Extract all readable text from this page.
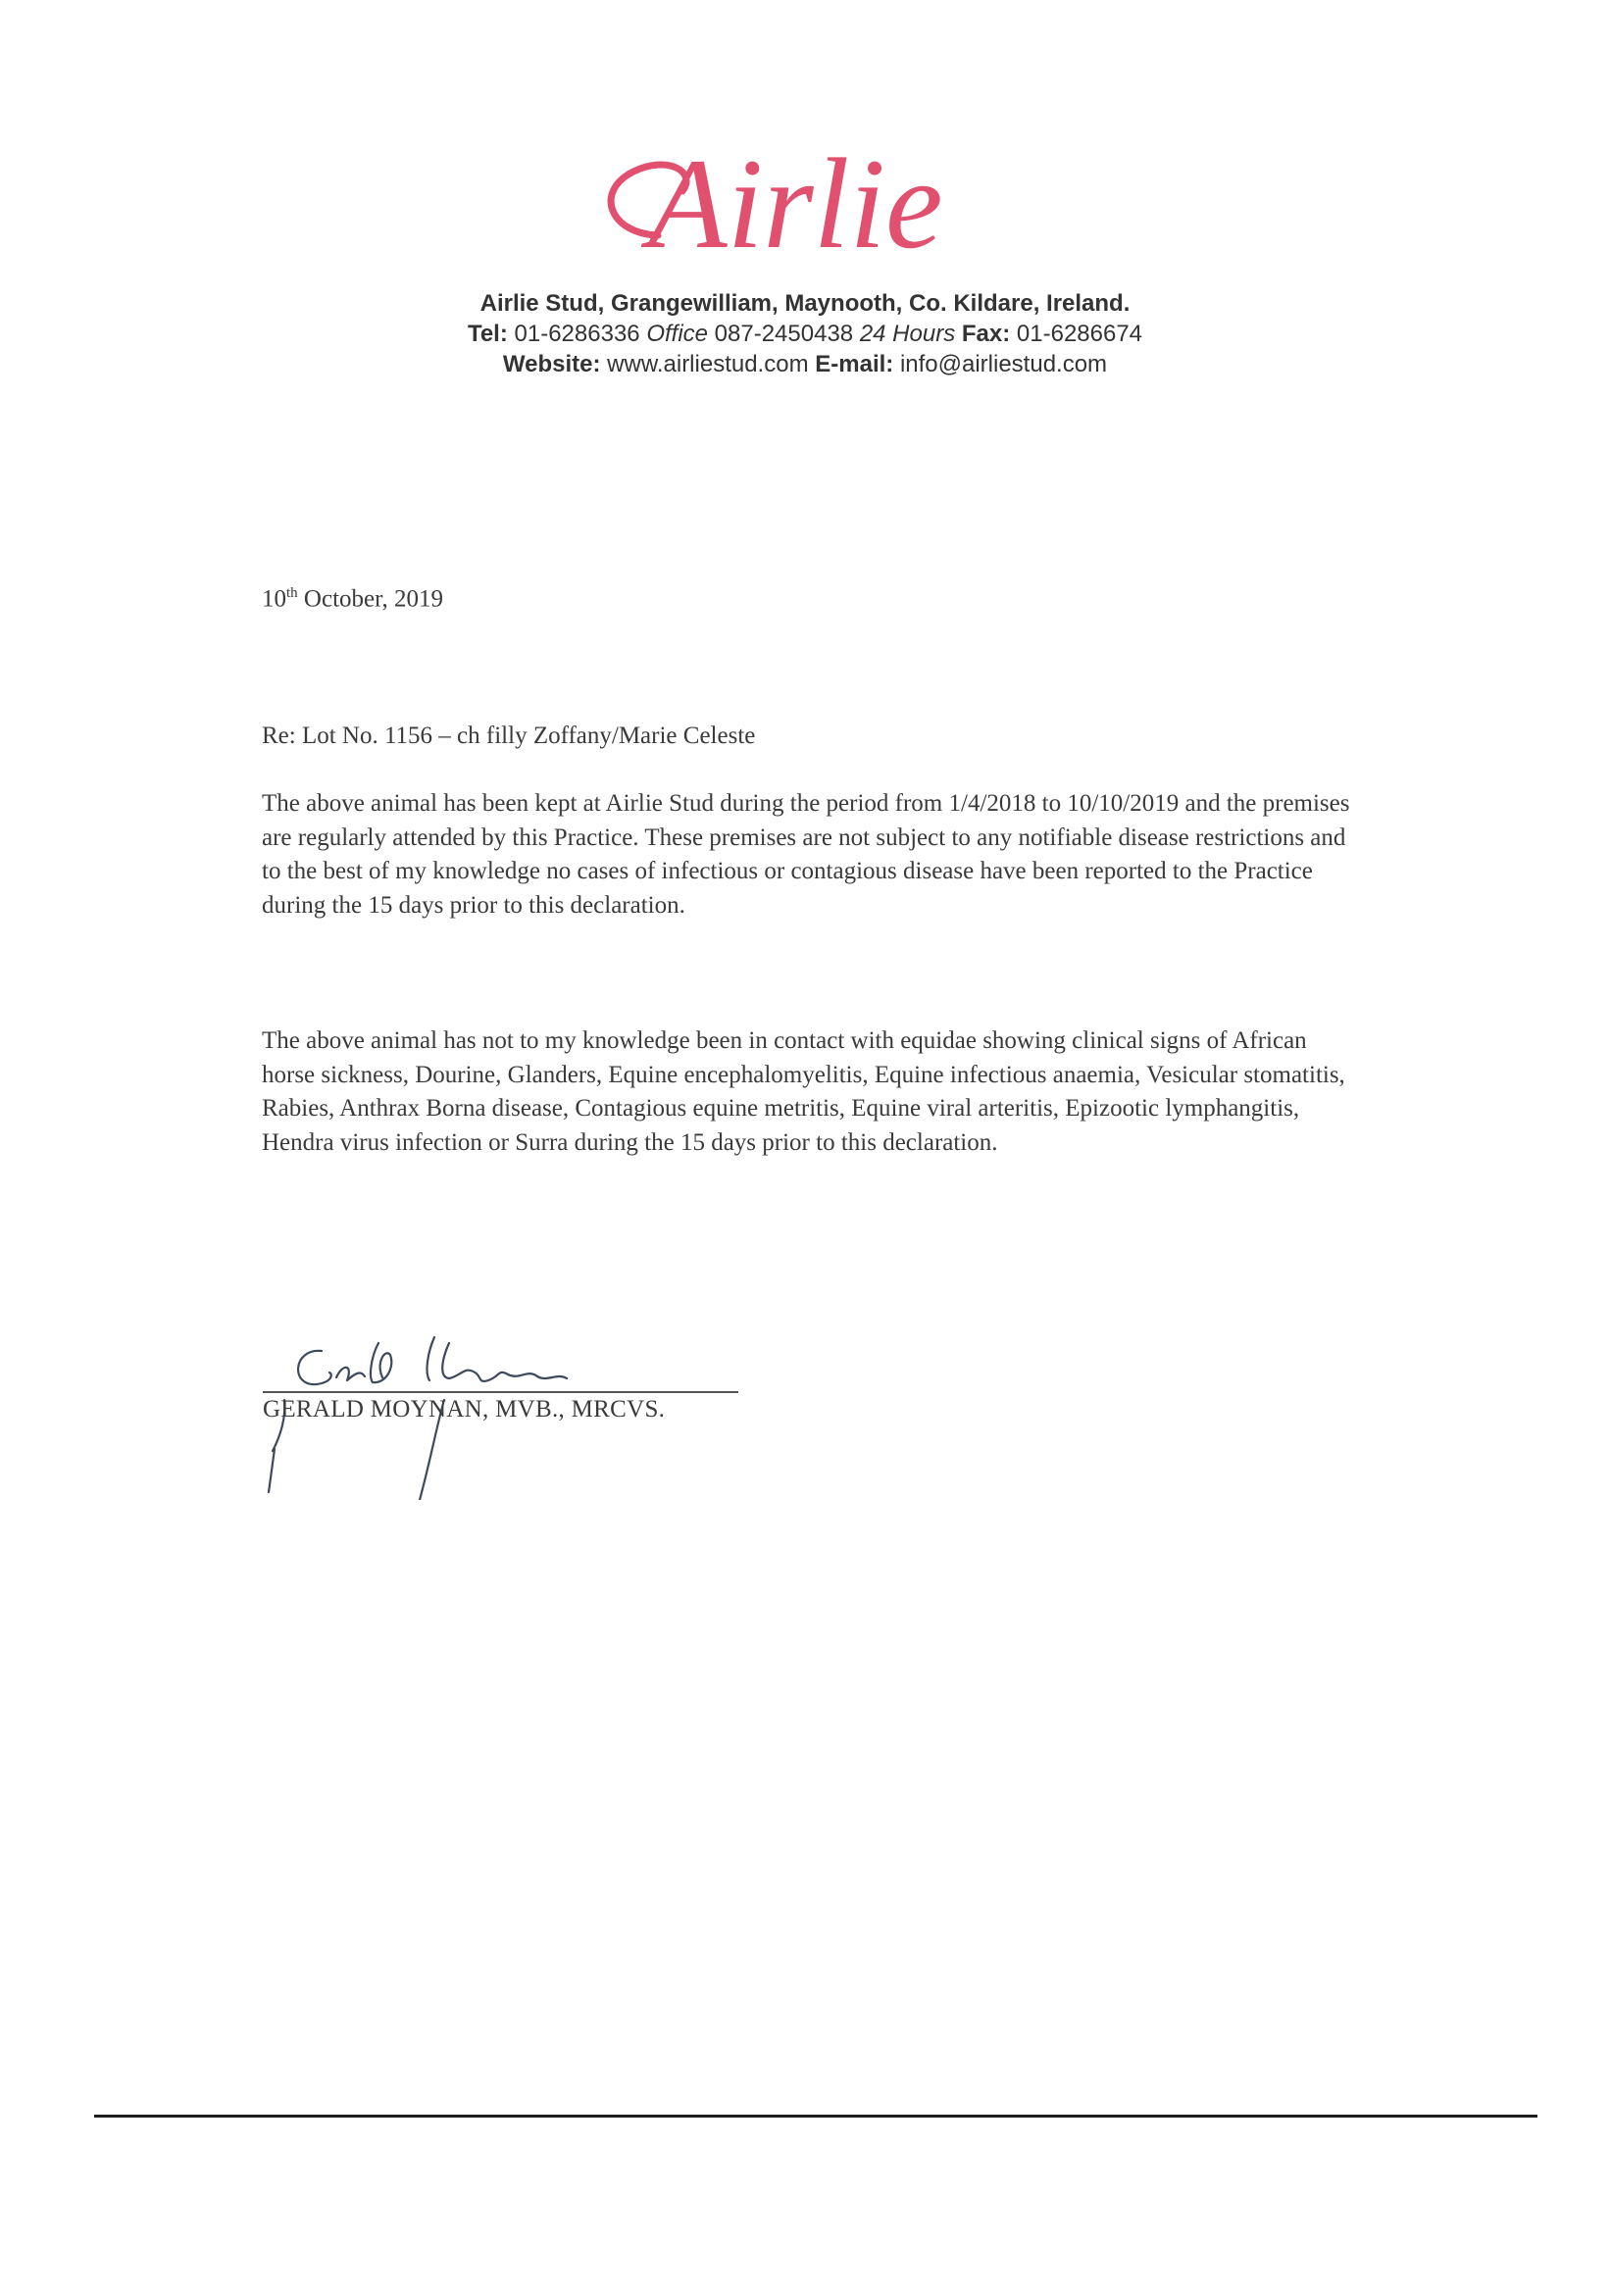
Airlie
Airlie Stud, Grangewilliam, Maynooth, Co. Kildare, Ireland.
Tel: 01-6286336 Office 087-2450438 24 Hours Fax: 01-6286674
Website: www.airliestud.com E-mail: info@airliestud.com
10th October, 2019
Re: Lot No. 1156 – ch filly Zoffany/Marie Celeste

The above animal has been kept at Airlie Stud during the period from 1/4/2018 to 10/10/2019 and the premises are regularly attended by this Practice. These premises are not subject to any notifiable disease restrictions and to the best of my knowledge no cases of infectious or contagious disease have been reported to the Practice during the 15 days prior to this declaration.

The above animal has not to my knowledge been in contact with equidae showing clinical signs of African horse sickness, Dourine, Glanders, Equine encephalomyelitis, Equine infectious anaemia, Vesicular stomatitis, Rabies, Anthrax Borna disease, Contagious equine metritis, Equine viral arteritis, Epizootic lymphangitis, Hendra virus infection or Surra during the 15 days prior to this declaration.

GERALD MOYNAN, MVB., MRCVS.
